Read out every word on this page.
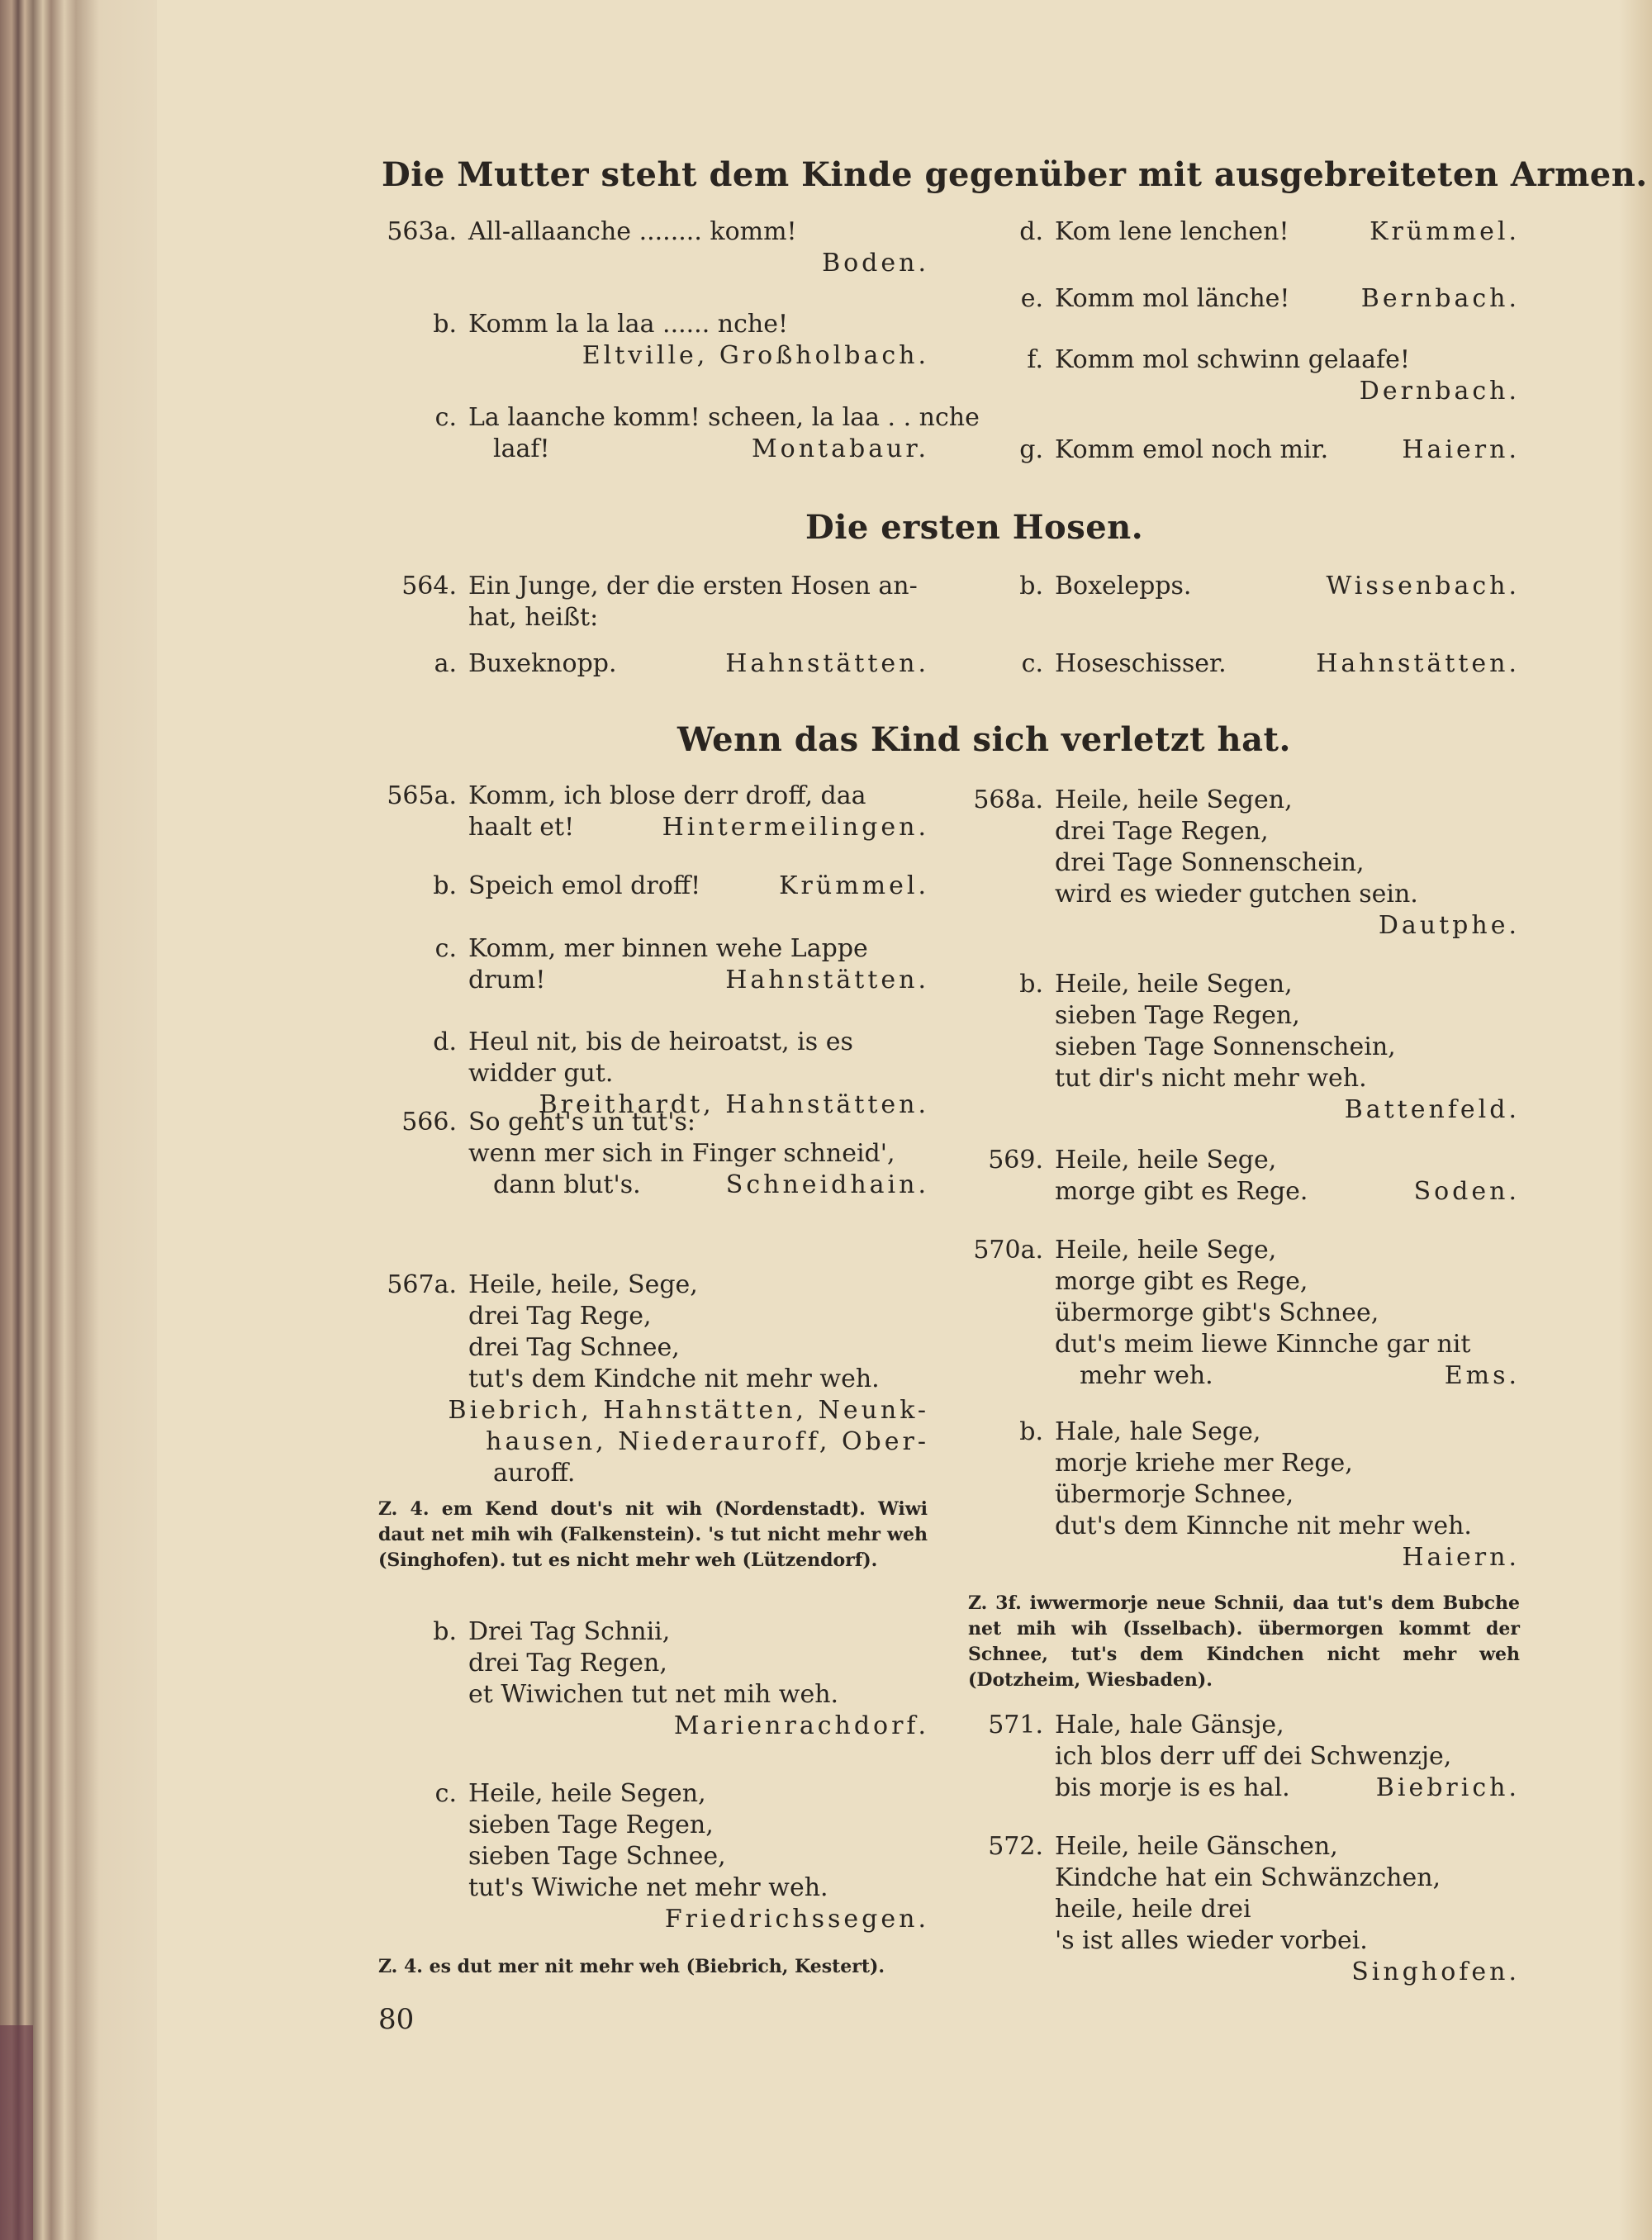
Die Mutter steht dem Kinde gegenüber mit ausgebreiteten Armen.
Die ersten Hosen.
Wenn das Kind sich verletzt hat.
Z. 4. em Kend dout's nit wih (Nordenstadt). Wiwi daut net mih wih (Falkenstein). 's tut nicht mehr weh (Singhofen). tut es nicht mehr weh (Lützendorf).
Z. 4. es dut mer nit mehr weh (Biebrich, Kestert).
Z. 3f. iwwermorje neue Schnii, daa tut's dem Bubche net mih wih (Isselbach). übermorgen kommt der Schnee, tut's dem Kindchen nicht mehr weh (Dotzheim, Wiesbaden).
80
563a. All-allaanche ........ komm!
Boden.
b. Komm la la laa ...... nche!
Eltville, Großholbach.
c. La laanche komm! scheen, la laa . . nche
laaf!	Montabaur.
564. Ein Junge, der die ersten Hosen an-
hat, heißt:
a. Buxeknopp.	Hahnstätten.
565a. Komm, ich blose derr droff, daa
haalt et!	Hintermeilingen.
b. Speich emol droff!	Krümmel.
c. Komm, mer binnen wehe Lappe
drum!	Hahnstätten.
d. Heul nit, bis de heiroatst, is es
widder gut.
Breithardt, Hahnstätten.
566. So geht's un tut's:
wenn mer sich in Finger schneid',
dann blut's.	Schneidhain.
567a. Heile, heile, Sege,
drei Tag Rege,
drei Tag Schnee,
tut's dem Kindche nit mehr weh.
Biebrich, Hahnstätten, Neunk-
hausen, Niederauroff, Ober-
auroff.
b. Drei Tag Schnii,
drei Tag Regen,
et Wiwichen tut net mih weh.
Marienrachdorf.
c. Heile, heile Segen,
sieben Tage Regen,
sieben Tage Schnee,
tut's Wiwiche net mehr weh.
Friedrichssegen.
d. Kom lene lenchen!	Krümmel.
e. Komm mol länche!	Bernbach.
f. Komm mol schwinn gelaafe!
Dernbach.
g. Komm emol noch mir.	Haiern.
b. Boxelepps.	Wissenbach.
c. Hoseschisser.	Hahnstätten.
568a. Heile, heile Segen,
drei Tage Regen,
drei Tage Sonnenschein,
wird es wieder gutchen sein.
Dautphe.
b. Heile, heile Segen,
sieben Tage Regen,
sieben Tage Sonnenschein,
tut dir's nicht mehr weh.
Battenfeld.
569. Heile, heile Sege,
morge gibt es Rege.	Soden.
570a. Heile, heile Sege,
morge gibt es Rege,
übermorge gibt's Schnee,
dut's meim liewe Kinnche gar nit
mehr weh.	Ems.
b. Hale, hale Sege,
morje kriehe mer Rege,
übermorje Schnee,
dut's dem Kinnche nit mehr weh.
Haiern.
571. Hale, hale Gänsje,
ich blos derr uff dei Schwenzje,
bis morje is es hal.	Biebrich.
572. Heile, heile Gänschen,
Kindche hat ein Schwänzchen,
heile, heile drei
's ist alles wieder vorbei.
Singhofen.
